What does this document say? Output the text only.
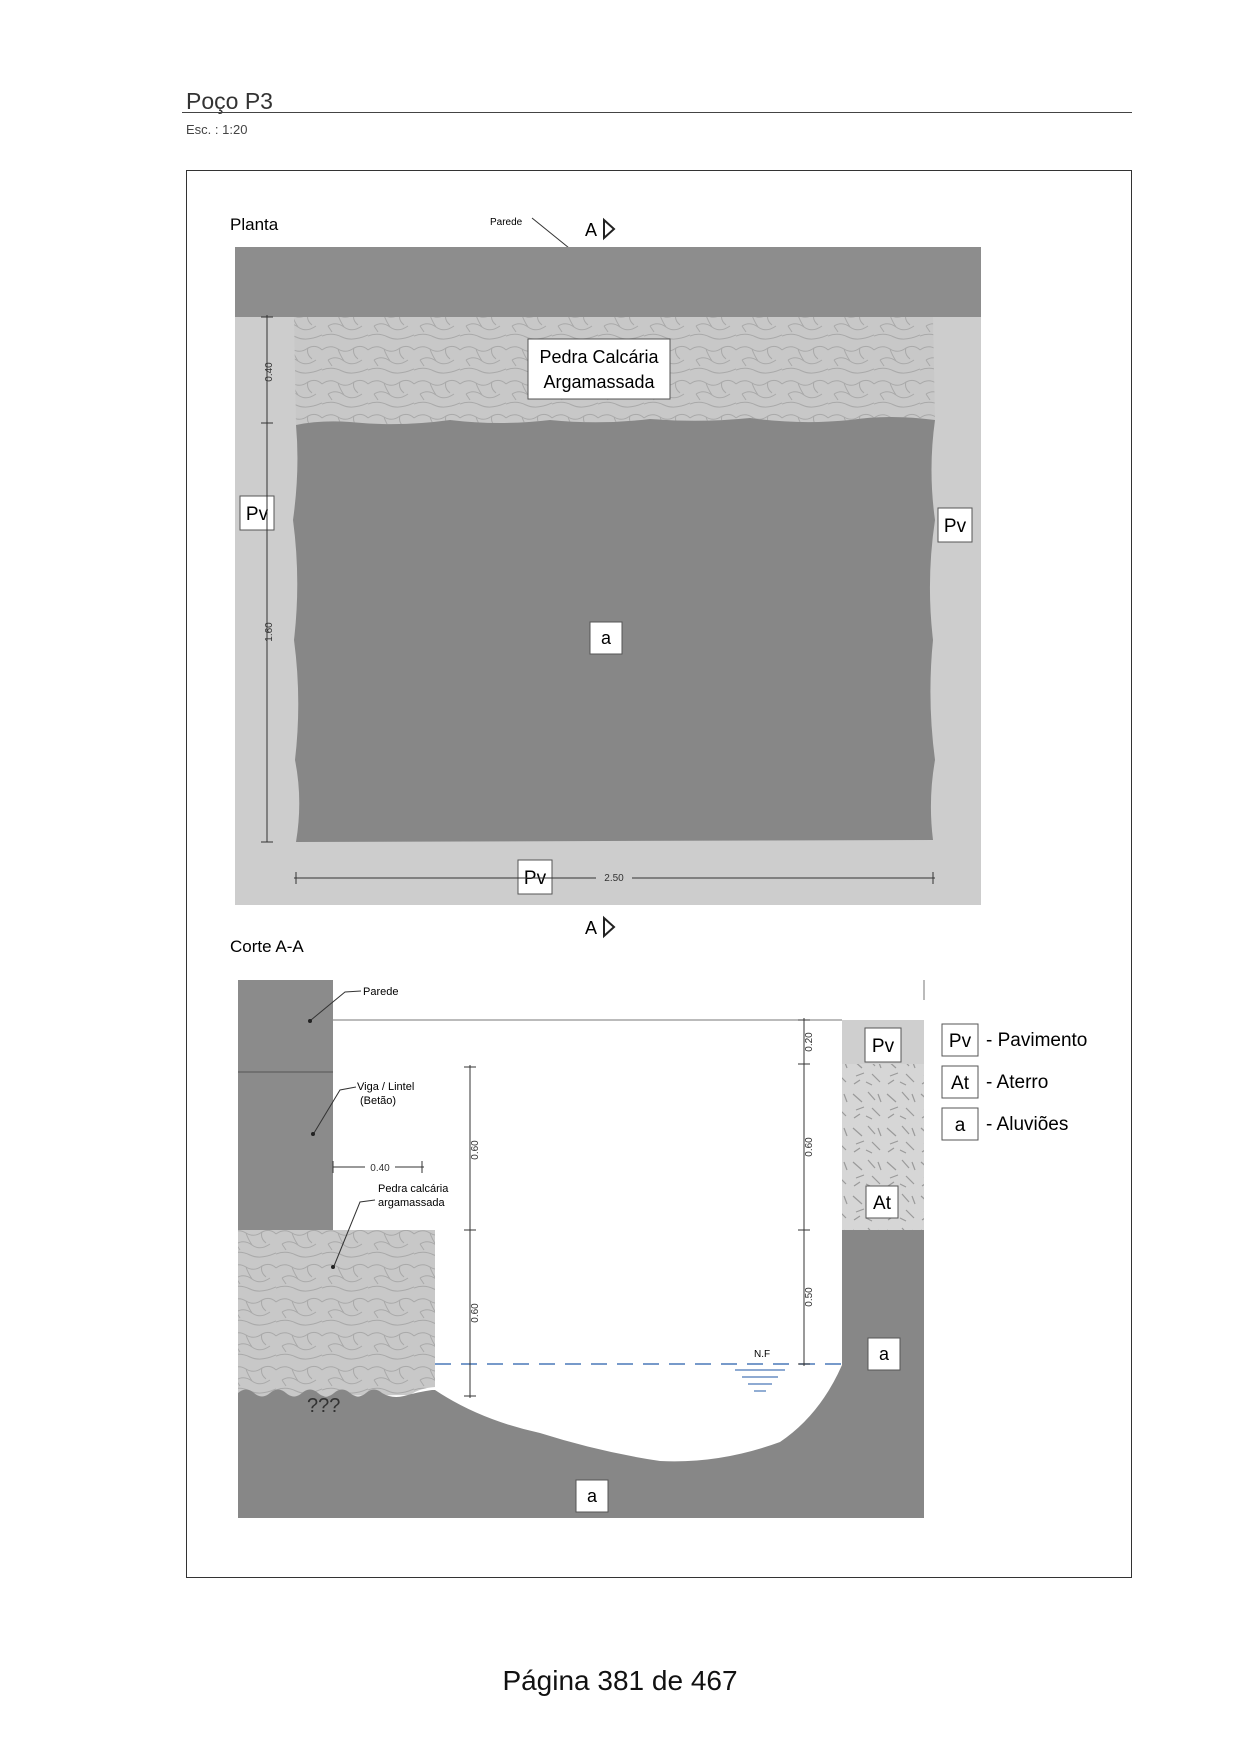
Poço P3
Esc. : 1:20
Planta	Parede	A
Pedra Calcária
Argamassada
Pv
Pv
Pv
a
0.40
1.60
2.50
A
Corte A-A
N.F
Parede
Viga / Lintel
(Betão)
Pedra calcária
argamassada
???
0.40
0.60
0.60
0.20
0.60
0.50
Pv
At
a
a
Pv - Pavimento
At - Aterro
a - Aluviões
Página 381 de 467
